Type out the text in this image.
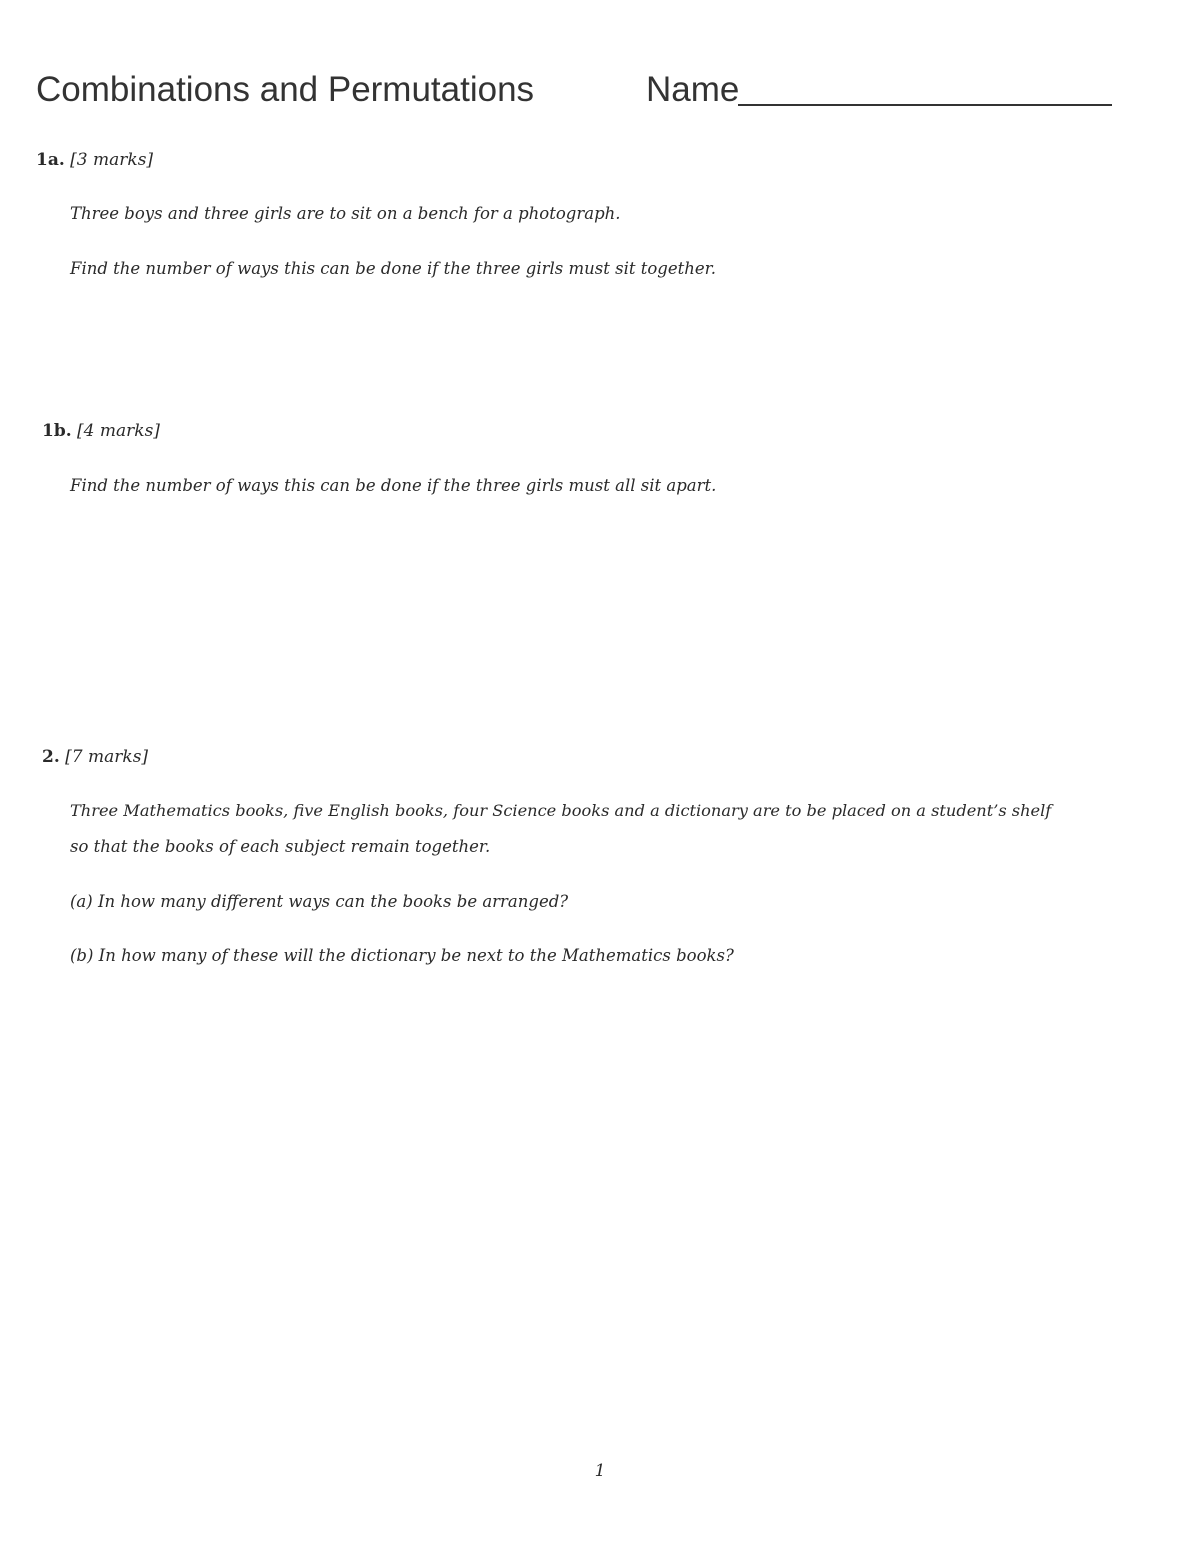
Combinations and Permutations	Name
1a. [3 marks]
Three boys and three girls are to sit on a bench for a photograph.
Find the number of ways this can be done if the three girls must sit together.
1b. [4 marks]
Find the number of ways this can be done if the three girls must all sit apart.
2. [7 marks]
Three Mathematics books, five English books, four Science books and a dictionary are to be placed on a student’s shelf
so that the books of each subject remain together.
(a) In how many different ways can the books be arranged?
(b) In how many of these will the dictionary be next to the Mathematics books?
1
